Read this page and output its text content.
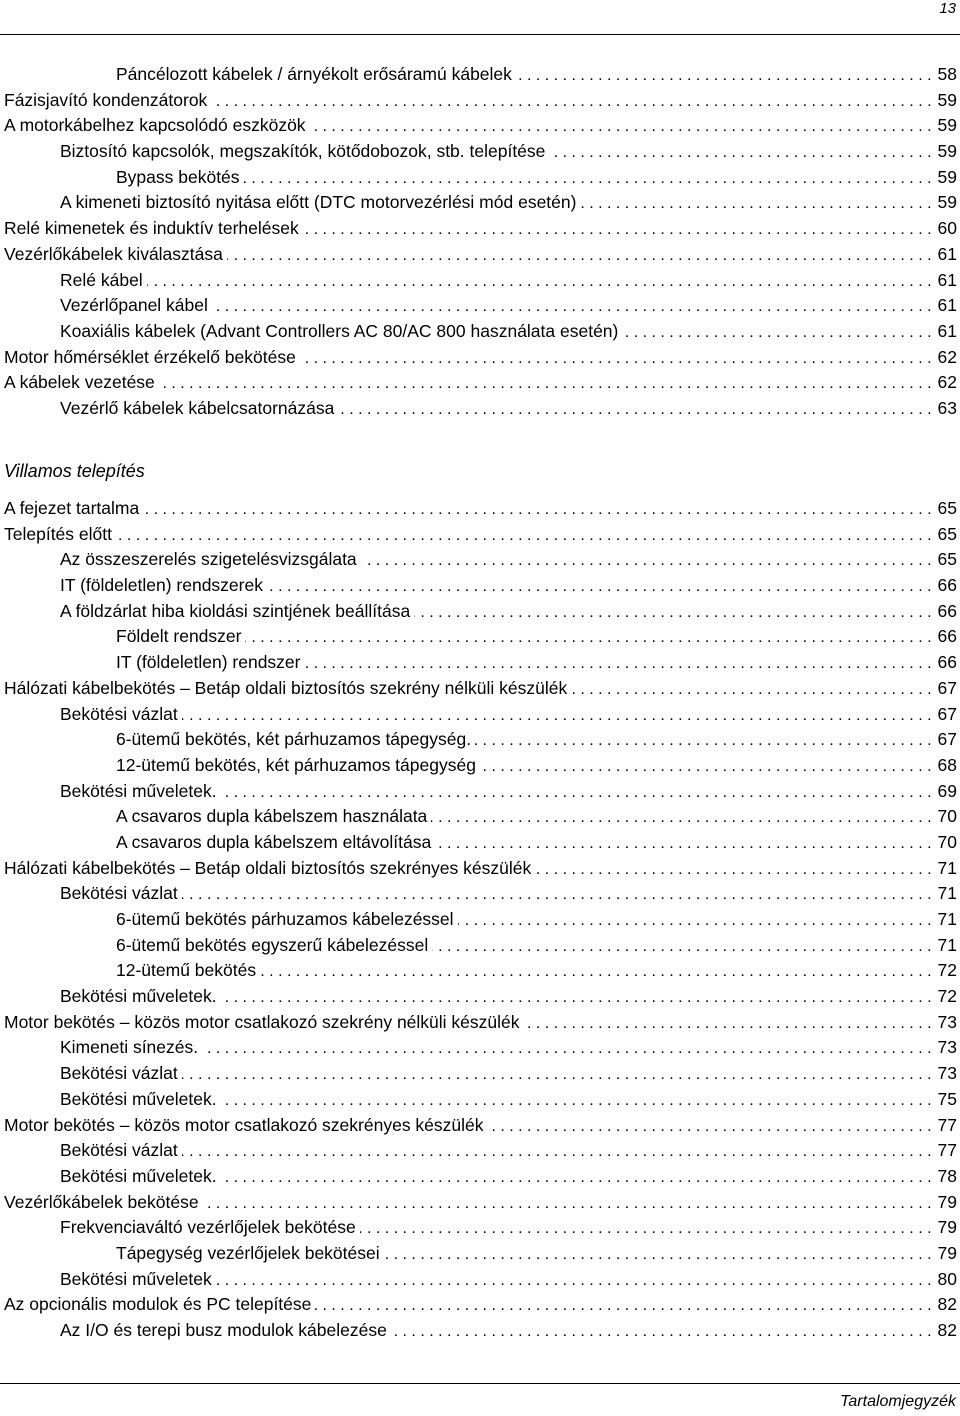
13
Páncélozott kábelek / árnyékolt erősáramú kábelek . . .	58
Fázisjavító kondenzátorok . . .	59
A motorkábelhez kapcsolódó eszközök . . .	59
Biztosító kapcsolók, megszakítók, kötődobozok, stb. telepítése . . .	59
Bypass bekötés . . .	59
A kimeneti biztosító nyitása előtt (DTC motorvezérlési mód esetén) . . .	59
Relé kimenetek és induktív terhelések . . .	60
Vezérlőkábelek kiválasztása . . .	61
Relé kábel . . .	61
Vezérlőpanel kábel . . .	61
Koaxiális kábelek (Advant Controllers AC 80/AC 800 használata esetén) . . .	61
Motor hőmérséklet érzékelő bekötése . . .	62
A kábelek vezetése . . .	62
Vezérlő kábelek kábelcsatornázása . . .	63
Villamos telepítés
A fejezet tartalma . . .	65
Telepítés előtt . . .	65
Az összeszerelés szigetelésvizsgálata . . .	65
IT (földeletlen) rendszerek . . .	66
A földzárlat hiba kioldási szintjének beállítása . . .	66
Földelt rendszer . . .	66
IT (földeletlen) rendszer . . .	66
Hálózati kábelbekötés – Betáp oldali biztosítós szekrény nélküli készülék . . .	67
Bekötési vázlat . . .	67
6-ütemű bekötés, két párhuzamos tápegység. . . .	67
12-ütemű bekötés, két párhuzamos tápegység . . .	68
Bekötési műveletek. . . .	69
A csavaros dupla kábelszem használata . . .	70
A csavaros dupla kábelszem eltávolítása . . .	70
Hálózati kábelbekötés – Betáp oldali biztosítós szekrényes készülék . . .	71
Bekötési vázlat . . .	71
6-ütemű bekötés párhuzamos kábelezéssel . . .	71
6-ütemű bekötés egyszerű kábelezéssel . . .	71
12-ütemű bekötés . . .	72
Bekötési műveletek. . . .	72
Motor bekötés – közös motor csatlakozó szekrény nélküli készülék . . .	73
Kimeneti sínezés. . . .	73
Bekötési vázlat . . .	73
Bekötési műveletek. . . .	75
Motor bekötés – közös motor csatlakozó szekrényes készülék . . .	77
Bekötési vázlat . . .	77
Bekötési műveletek. . . .	78
Vezérlőkábelek bekötése . . .	79
Frekvenciaváltó vezérlőjelek bekötése . . .	79
Tápegység vezérlőjelek bekötései . . .	79
Bekötési műveletek . . .	80
Az opcionális modulok és PC telepítése . . .	82
Az I/O és terepi busz modulok kábelezése . . .	82
Tartalomjegyzék
